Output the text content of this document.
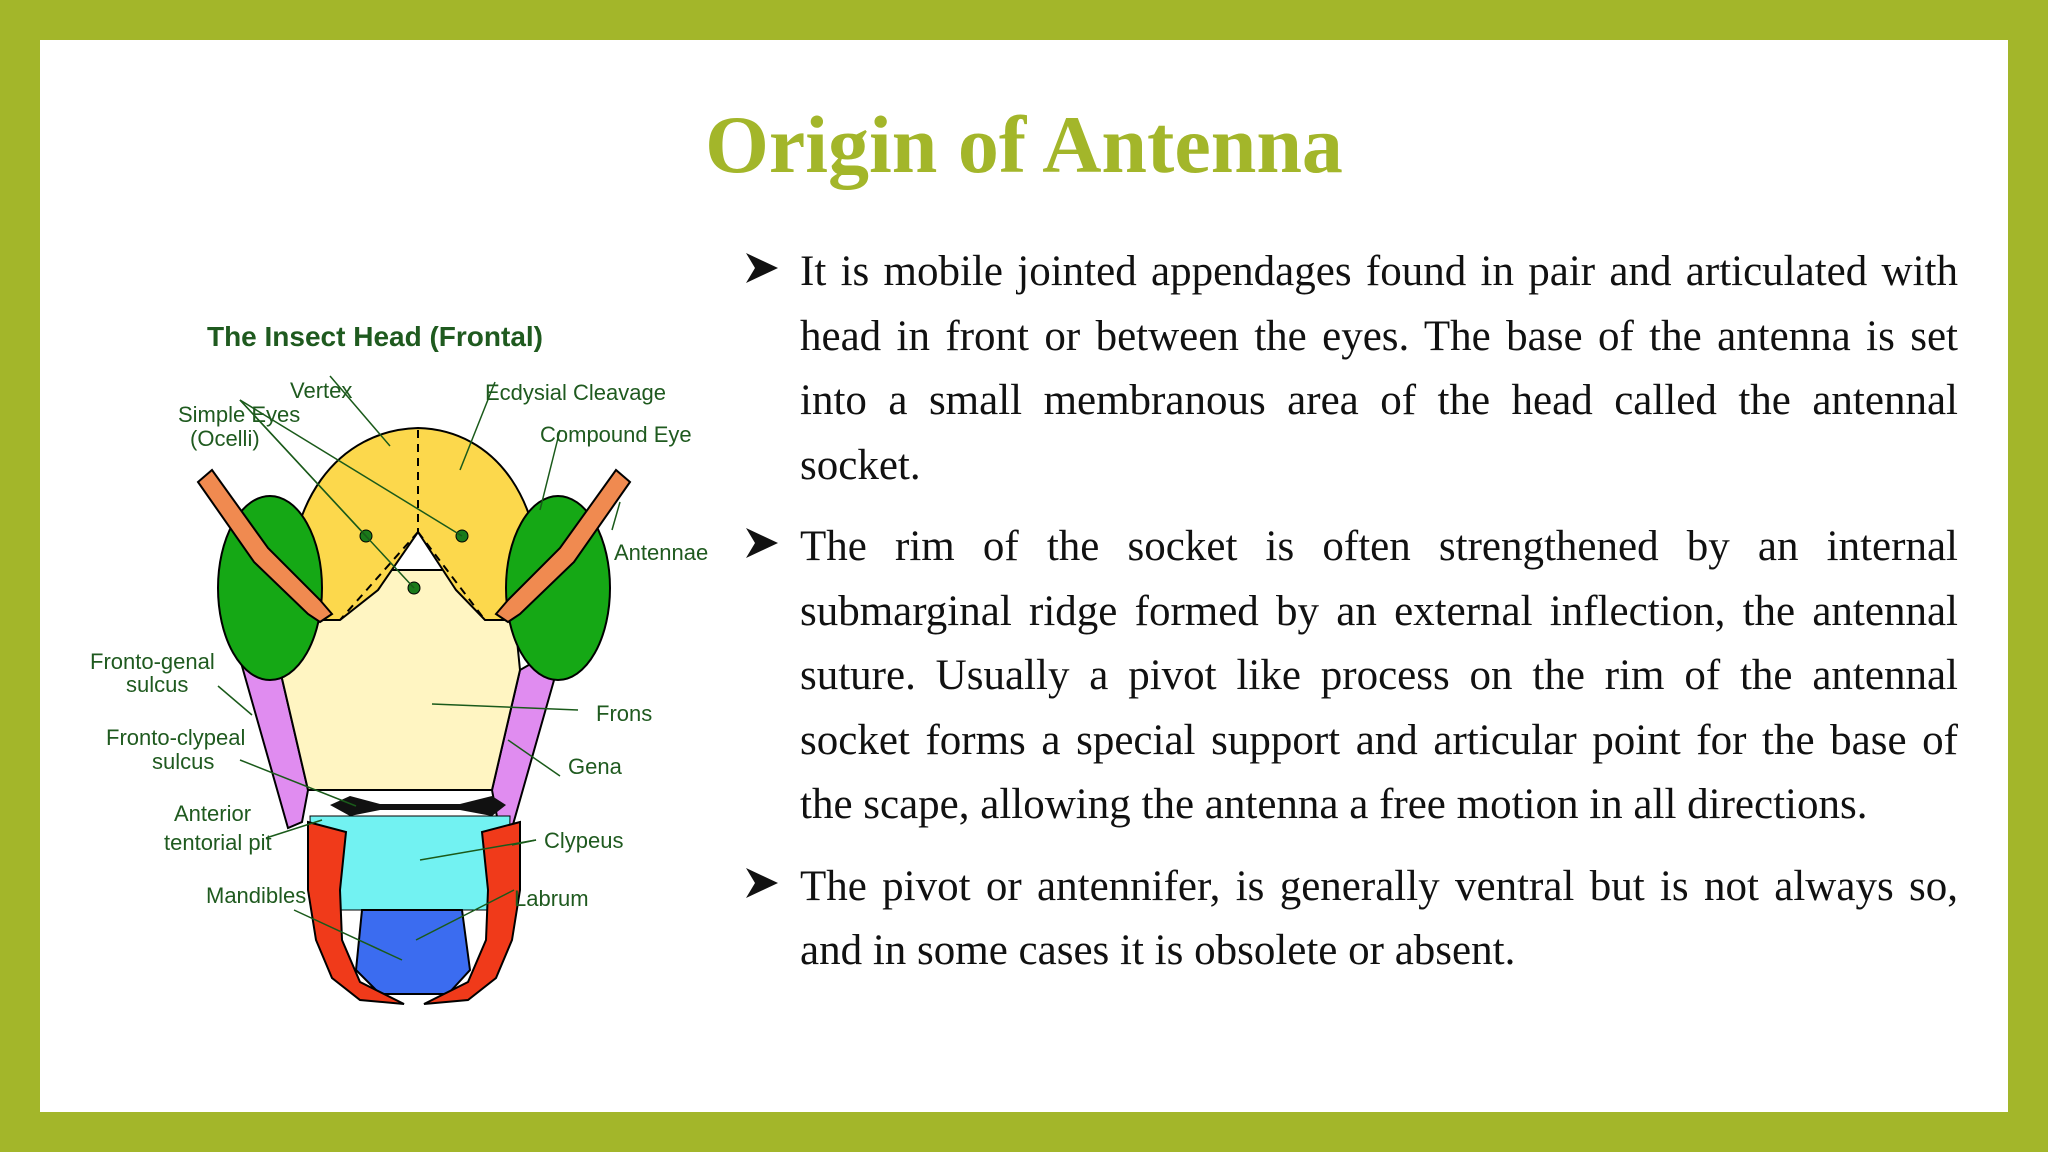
Origin of Antenna
The Insect Head (Frontal)
Vertex	Ecdysial Cleavage
Simple Eyes
(Ocelli)	Compound Eye
Antennae
Fronto-genal
sulcus
Frons
Fronto-clypeal
sulcus	Gena
Anterior
tentorial pit	Clypeus
Mandibles	Labrum
It is mobile jointed appendages found in pair and articulated with head in front or between the eyes. The base of the antenna is set into a small membranous area of the head called the antennal socket.
The rim of the socket is often strengthened by an internal submarginal ridge formed by an external inflection, the antennal suture. Usually a pivot like process on the rim of the antennal socket forms a special support and articular point for the base of the scape, allowing the antenna a free motion in all directions.
The pivot or antennifer, is generally ventral but is not always so, and in some cases it is obsolete or absent.
